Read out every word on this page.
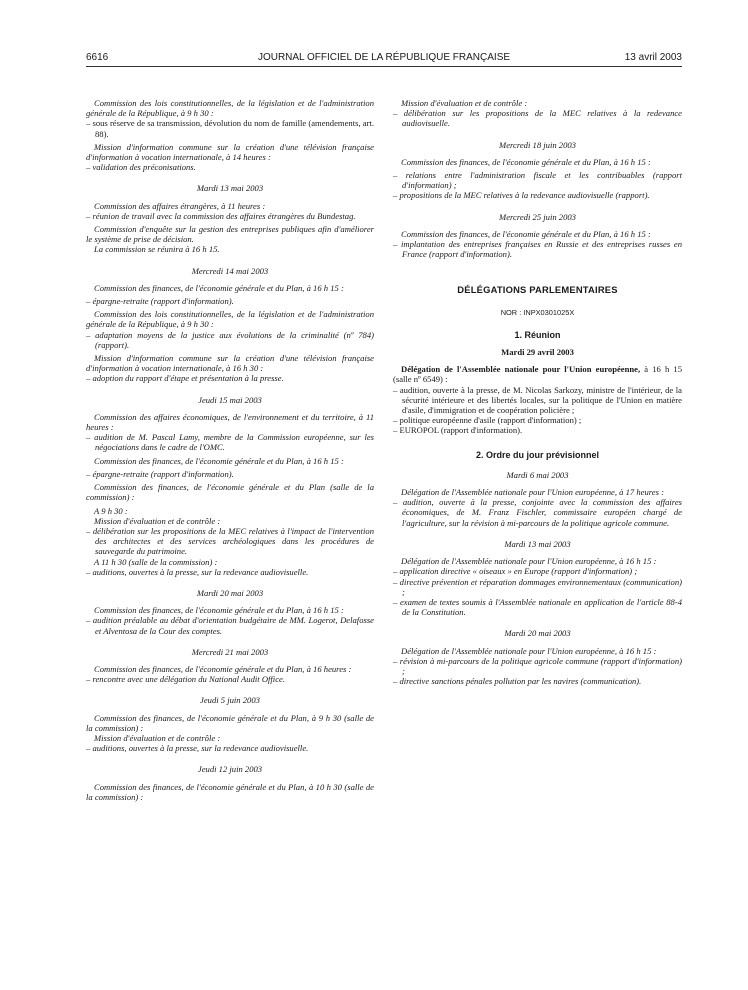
6616	JOURNAL OFFICIEL DE LA RÉPUBLIQUE FRANÇAISE	13 avril 2003

Commission des lois constitutionnelles, de la législation et de l'administration générale de la République, à 9 h 30 :

– sous réserve de sa transmission, dévolution du nom de famille (amendements, art. 88).

Mission d'information commune sur la création d'une télévision française d'information à vocation internationale, à 14 heures :

– validation des préconisations.

Mardi 13 mai 2003

Commission des affaires étrangères, à 11 heures :

– réunion de travail avec la commission des affaires étrangères du Bundestag.

Commission d'enquête sur la gestion des entreprises publiques afin d'améliorer le système de prise de décision.

La commission se réunira à 16 h 15.

Mercredi 14 mai 2003

Commission des finances, de l'économie générale et du Plan, à 16 h 15 :

– épargne-retraite (rapport d'information).

Commission des lois constitutionnelles, de la législation et de l'administration générale de la République, à 9 h 30 :

– adaptation moyens de la justice aux évolutions de la criminalité (nº 784) (rapport).

Mission d'information commune sur la création d'une télévision française d'information à vocation internationale, à 16 h 30 :

– adoption du rapport d'étape et présentation à la presse.

Jeudi 15 mai 2003

Commission des affaires économiques, de l'environnement et du territoire, à 11 heures :

– audition de M. Pascal Lamy, membre de la Commission européenne, sur les négociations dans le cadre de l'OMC.

Commission des finances, de l'économie générale et du Plan, à 16 h 15 :

– épargne-retraite (rapport d'information).

Commission des finances, de l'économie générale et du Plan (salle de la commission) :

A 9 h 30 :

Mission d'évaluation et de contrôle :

– délibération sur les propositions de la MEC relatives à l'impact de l'intervention des architectes et des services archéologiques dans les procédures de sauvegarde du patrimoine.

A 11 h 30 (salle de la commission) :

– auditions, ouvertes à la presse, sur la redevance audiovisuelle.

Mardi 20 mai 2003

Commission des finances, de l'économie générale et du Plan, à 16 h 15 :

– audition préalable au débat d'orientation budgétaire de MM. Logerot, Delafosse et Alventosa de la Cour des comptes.

Mercredi 21 mai 2003

Commission des finances, de l'économie générale et du Plan, à 16 heures :

– rencontre avec une délégation du National Audit Office.

Jeudi 5 juin 2003

Commission des finances, de l'économie générale et du Plan, à 9 h 30 (salle de la commission) :

Mission d'évaluation et de contrôle :

– auditions, ouvertes à la presse, sur la redevance audiovisuelle.

Jeudi 12 juin 2003

Commission des finances, de l'économie générale et du Plan, à 10 h 30 (salle de la commission) :

Mission d'évaluation et de contrôle :

– délibération sur les propositions de la MEC relatives à la redevance audiovisuelle.

Mercredi 18 juin 2003

Commission des finances, de l'économie générale et du Plan, à 16 h 15 :

– relations entre l'administration fiscale et les contribuables (rapport d'information) ;

– propositions de la MEC relatives à la redevance audiovisuelle (rapport).

Mercredi 25 juin 2003

Commission des finances, de l'économie générale et du Plan, à 16 h 15 :

– implantation des entreprises françaises en Russie et des entreprises russes en France (rapport d'information).

DÉLÉGATIONS PARLEMENTAIRES

NOR : INPX0301025X

1. Réunion

Mardi 29 avril 2003

Délégation de l'Assemblée nationale pour l'Union européenne, à 16 h 15 (salle nº 6549) :

– audition, ouverte à la presse, de M. Nicolas Sarkozy, ministre de l'intérieur, de la sécurité intérieure et des libertés locales, sur la politique de l'Union en matière d'asile, d'immigration et de coopération policière ;

– politique européenne d'asile (rapport d'information) ;

– EUROPOL (rapport d'information).

2. Ordre du jour prévisionnel

Mardi 6 mai 2003

Délégation de l'Assemblée nationale pour l'Union européenne, à 17 heures :

– audition, ouverte à la presse, conjointe avec la commission des affaires économiques, de M. Franz Fischler, commissaire européen chargé de l'agriculture, sur la révision à mi-parcours de la politique agricole commune.

Mardi 13 mai 2003

Délégation de l'Assemblée nationale pour l'Union européenne, à 16 h 15 :

– application directive « oiseaux » en Europe (rapport d'information) ;

– directive prévention et réparation dommages environnementaux (communication) ;

– examen de textes soumis à l'Assemblée nationale en application de l'article 88-4 de la Constitution.

Mardi 20 mai 2003

Délégation de l'Assemblée nationale pour l'Union européenne, à 16 h 15 :

– révision à mi-parcours de la politique agricole commune (rapport d'information) ;

– directive sanctions pénales pollution par les navires (communication).
